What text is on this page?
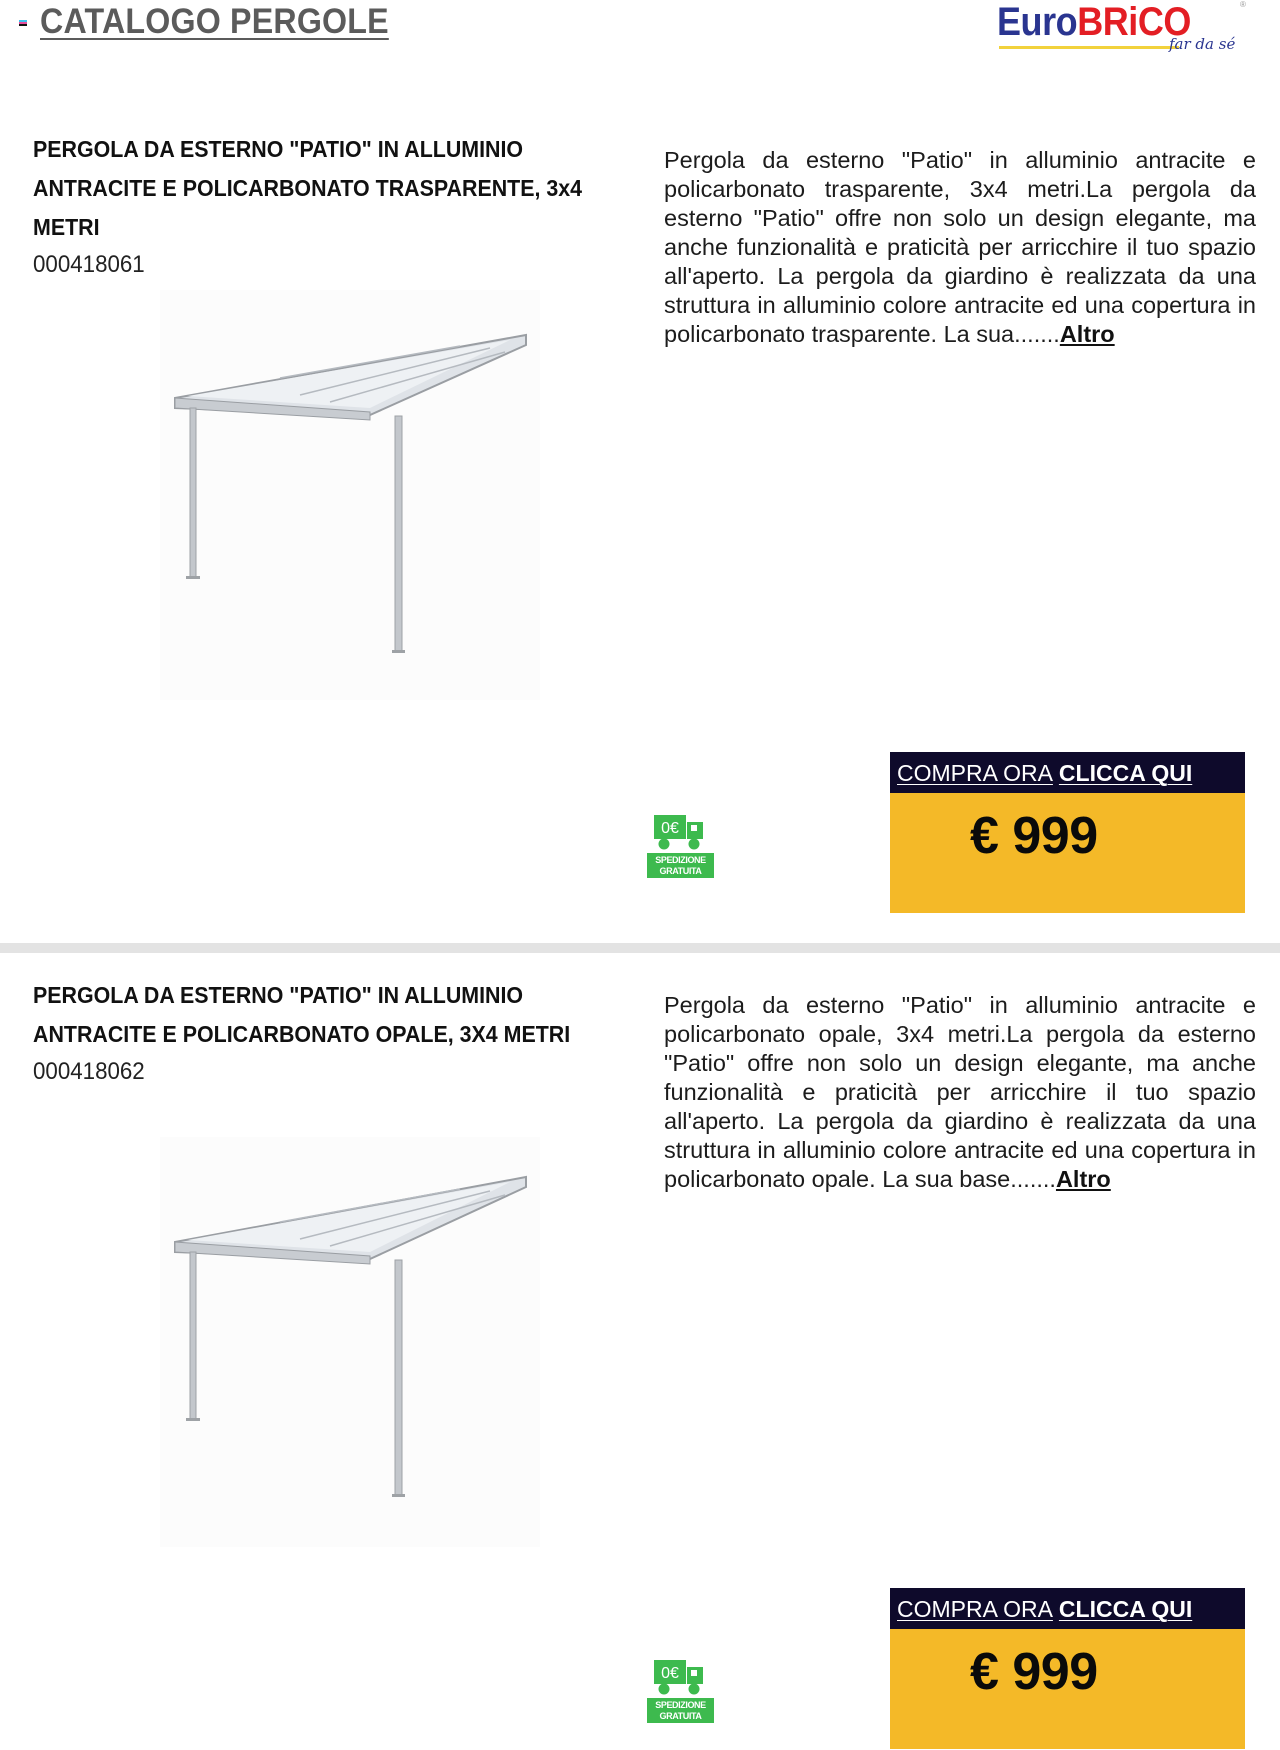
CATALOGO PERGOLE	EuroBRiCO	®
far da sé
PERGOLA DA ESTERNO "PATIO" IN ALLUMINIO ANTRACITE E POLICARBONATO TRASPARENTE, 3x4 METRI
000418061
Pergola da esterno "Patio" in alluminio antracite e policarbonato trasparente, 3x4 metri.La pergola da esterno "Patio" offre non solo un design elegante, ma anche funzionalità e praticità per arricchire il tuo spazio all'aperto. La pergola da giardino è realizzata da una struttura in alluminio colore antracite ed una copertura in policarbonato trasparente. La sua.......Altro
0€
SPEDIZIONE
GRATUITA
COMPRA ORA CLICCA QUI
€ 999
PERGOLA DA ESTERNO "PATIO" IN ALLUMINIO ANTRACITE E POLICARBONATO OPALE, 3X4 METRI
000418062
Pergola da esterno "Patio" in alluminio antracite e policarbonato opale, 3x4 metri.La pergola da esterno "Patio" offre non solo un design elegante, ma anche funzionalità e praticità per arricchire il tuo spazio all'aperto. La pergola da giardino è realizzata da una struttura in alluminio colore antracite ed una copertura in policarbonato opale. La sua base.......Altro
0€
SPEDIZIONE
GRATUITA
COMPRA ORA CLICCA QUI
€ 999
